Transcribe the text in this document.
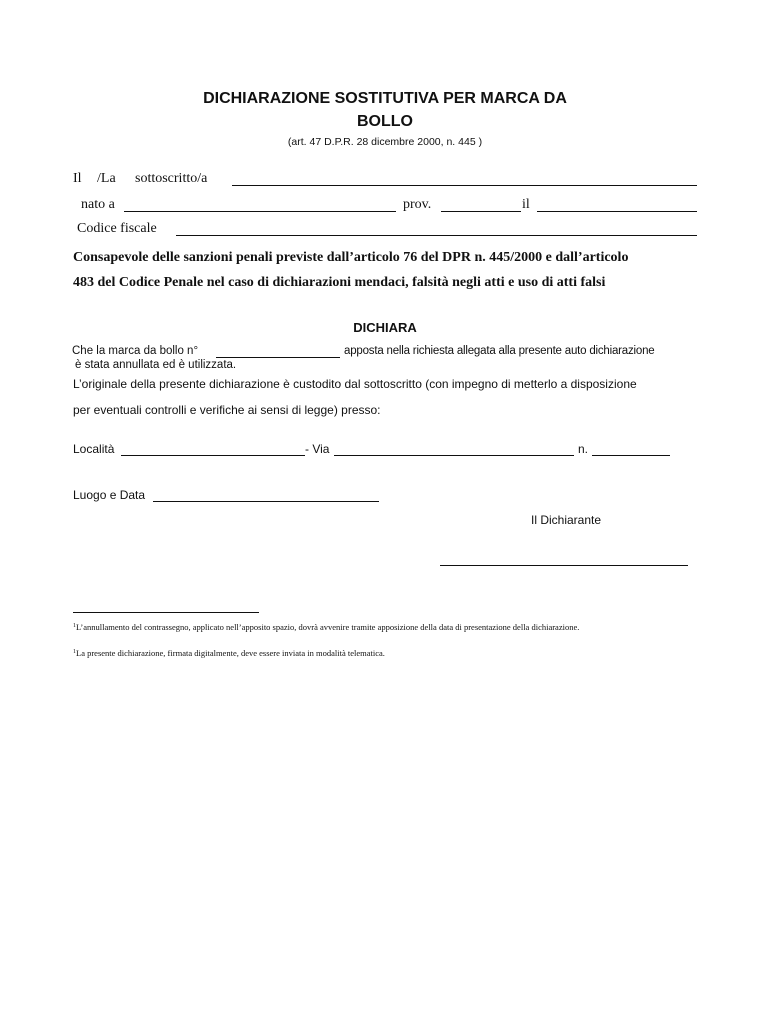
DICHIARAZIONE SOSTITUTIVA PER MARCA DA
BOLLO
(art. 47 D.P.R. 28 dicembre 2000, n. 445 )
Il /La sottoscritto/a
nato a	prov.	il
Codice fiscale
Consapevole delle sanzioni penali previste dall’articolo 76 del DPR n. 445/2000 e dall’articolo
483 del Codice Penale nel caso di dichiarazioni mendaci, falsità negli atti e uso di atti falsi
DICHIARA
Che la marca da bollo n°	apposta nella richiesta allegata alla presente auto dichiarazione
è stata annullata ed è utilizzata.
L’originale della presente dichiarazione è custodito dal sottoscritto (con impegno di metterlo a disposizione
per eventuali controlli e verifiche ai sensi di legge) presso:
Località	- Via	n.
Luogo e Data
Il Dichiarante
$^1$L’annullamento del contrassegno, applicato nell’apposito spazio, dovrà avvenire tramite apposizione della data di presentazione della dichiarazione.
$^1$La presente dichiarazione, firmata digitalmente, deve essere inviata in modalità telematica.
